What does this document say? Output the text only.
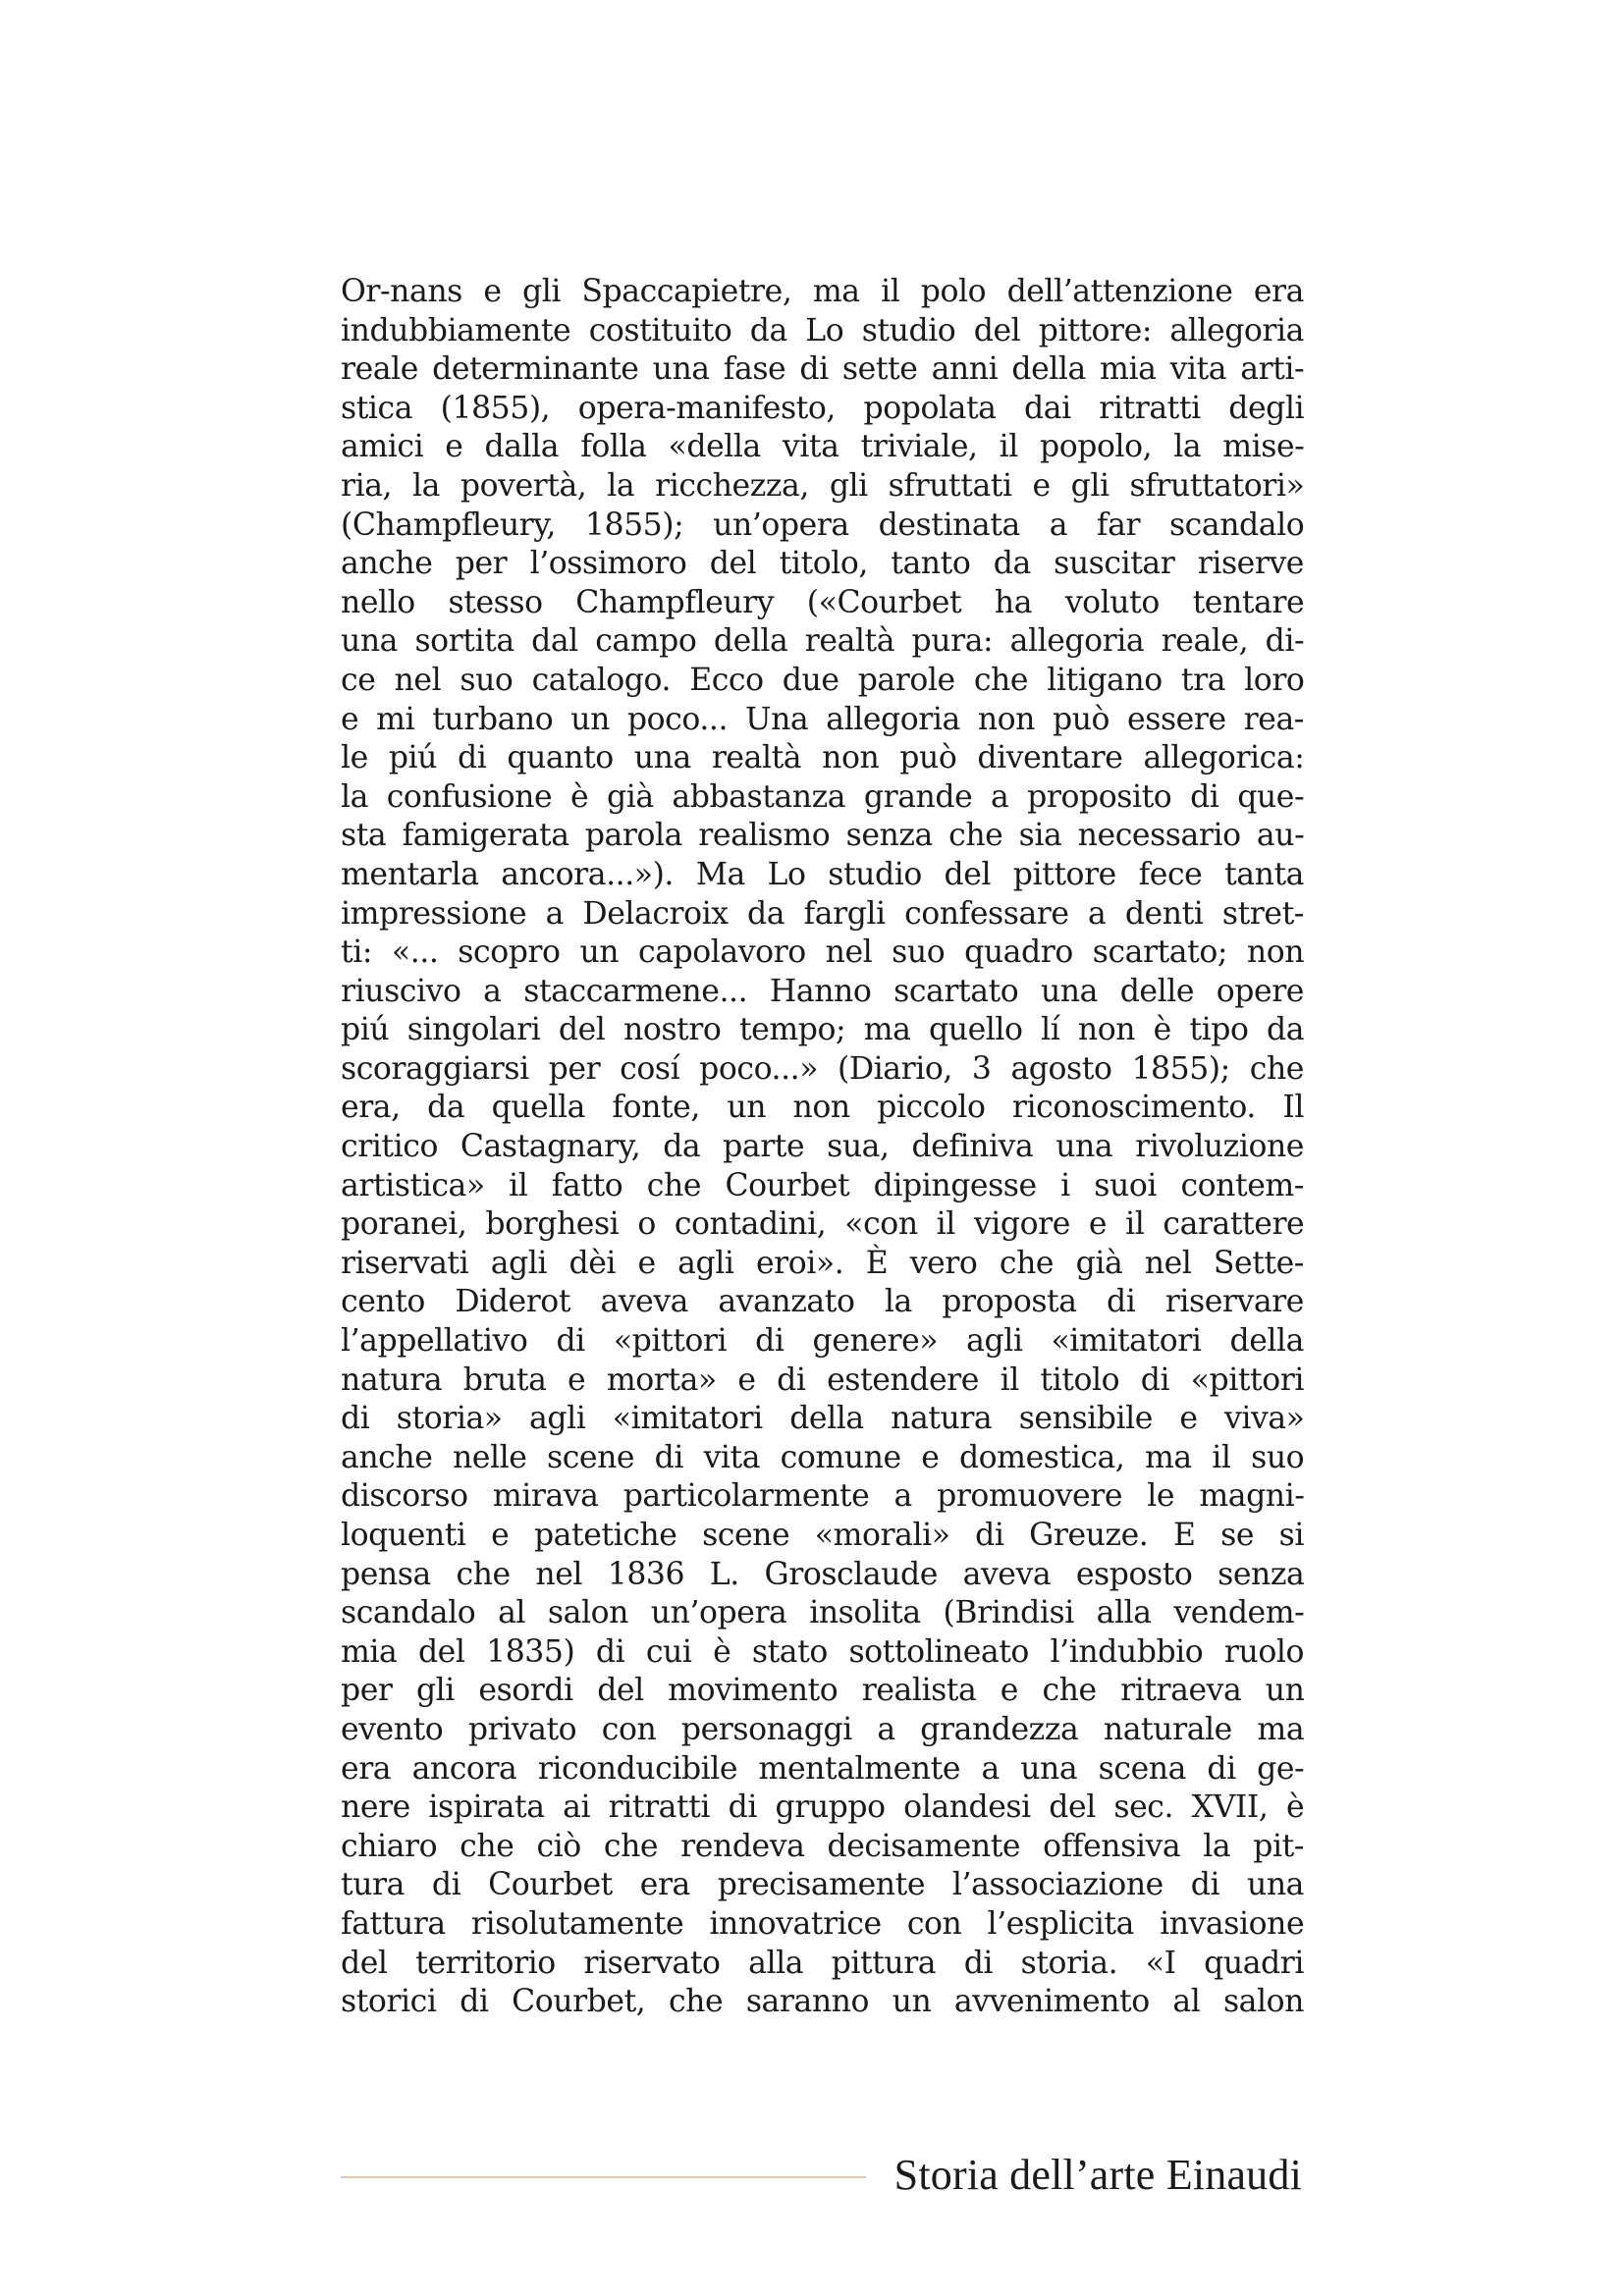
Or-nans e gli Spaccapietre, ma il polo dell’attenzione era
indubbiamente costituito da Lo studio del pittore: allegoria
reale determinante una fase di sette anni della mia vita arti-
stica (1855), opera-manifesto, popolata dai ritratti degli
amici e dalla folla «della vita triviale, il popolo, la mise-
ria, la povertà, la ricchezza, gli sfruttati e gli sfruttatori»
(Champfleury, 1855); un’opera destinata a far scandalo
anche per l’ossimoro del titolo, tanto da suscitar riserve
nello stesso Champfleury («Courbet ha voluto tentare
una sortita dal campo della realtà pura: allegoria reale, di-
ce nel suo catalogo. Ecco due parole che litigano tra loro
e mi turbano un poco... Una allegoria non può essere rea-
le piú di quanto una realtà non può diventare allegorica:
la confusione è già abbastanza grande a proposito di que-
sta famigerata parola realismo senza che sia necessario au-
mentarla ancora...»). Ma Lo studio del pittore fece tanta
impressione a Delacroix da fargli confessare a denti stret-
ti: «... scopro un capolavoro nel suo quadro scartato; non
riuscivo a staccarmene... Hanno scartato una delle opere
piú singolari del nostro tempo; ma quello lí non è tipo da
scoraggiarsi per cosí poco...» (Diario, 3 agosto 1855); che
era, da quella fonte, un non piccolo riconoscimento. Il
critico Castagnary, da parte sua, definiva una rivoluzione
artistica» il fatto che Courbet dipingesse i suoi contem-
poranei, borghesi o contadini, «con il vigore e il carattere
riservati agli dèi e agli eroi». È vero che già nel Sette-
cento Diderot aveva avanzato la proposta di riservare
l’appellativo di «pittori di genere» agli «imitatori della
natura bruta e morta» e di estendere il titolo di «pittori
di storia» agli «imitatori della natura sensibile e viva»
anche nelle scene di vita comune e domestica, ma il suo
discorso mirava particolarmente a promuovere le magni-
loquenti e patetiche scene «morali» di Greuze. E se si
pensa che nel 1836 L. Grosclaude aveva esposto senza
scandalo al salon un’opera insolita (Brindisi alla vendem-
mia del 1835) di cui è stato sottolineato l’indubbio ruolo
per gli esordi del movimento realista e che ritraeva un
evento privato con personaggi a grandezza naturale ma
era ancora riconducibile mentalmente a una scena di ge-
nere ispirata ai ritratti di gruppo olandesi del sec. XVII, è
chiaro che ciò che rendeva decisamente offensiva la pit-
tura di Courbet era precisamente l’associazione di una
fattura risolutamente innovatrice con l’esplicita invasione
del territorio riservato alla pittura di storia. «I quadri
storici di Courbet, che saranno un avvenimento al salon
Storia dell’arte Einaudi
